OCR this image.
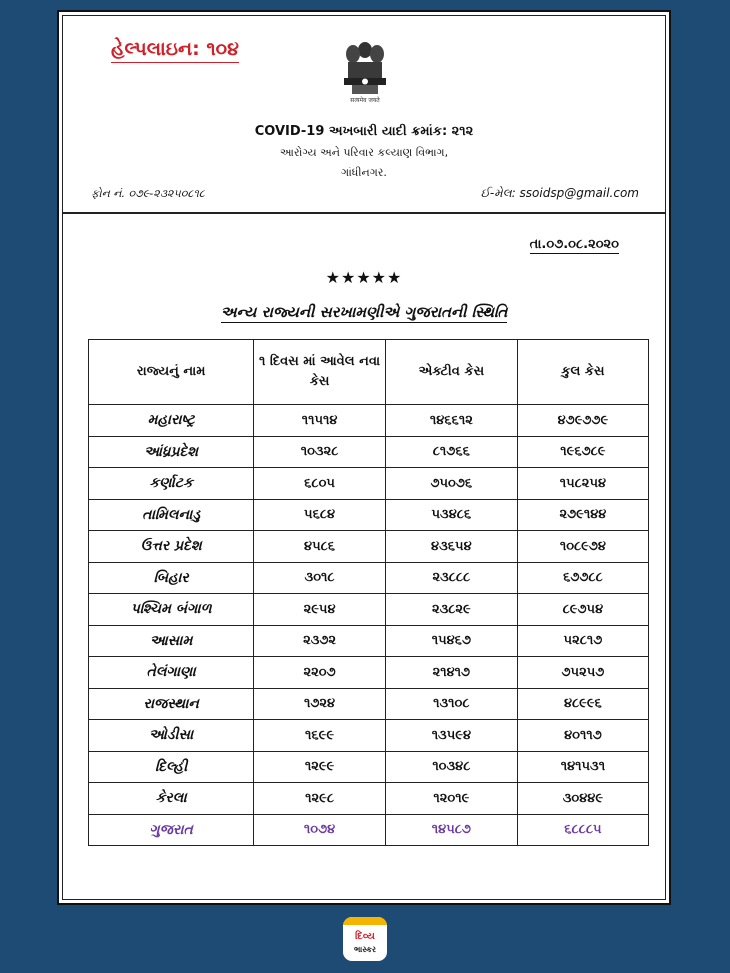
હેલ્પલાઇન: ૧૦૪
सत्यमेव जयते
COVID-19 અખબારી યાદી ક્રમાંક: ૨૧૨
આરોગ્ય અને પરિવાર કલ્યાણ વિભાગ,
ગાંધીનગર.
ફોન નં. ૦૭૯-૨૩૨૫૦૮૧૮	ઈ-મેલ: ssoidsp@gmail.com
તા.૦૭.૦૮.૨૦૨૦
★★★★★
અન્ય રાજ્યની સરખામણીએ ગુજરાતની સ્થિતિ
રાજ્યનું નામ	૧ દિવસ માં આવેલ નવા કેસ	એક્ટીવ કેસ	કુલ કેસ
મહારાષ્ટ્ર	૧૧૫૧૪	૧૪૬૬૧૨	૪૭૯૭૭૯
આંધ્રપ્રદેશ	૧૦૩૨૮	૮૧૭૬૬	૧૯૬૭૮૯
કર્ણાટક	૬૮૦૫	૭૫૦૭૬	૧૫૮૨૫૪
તામિલનાડુ	૫૬૮૪	૫૩૪૮૬	૨૭૯૧૪૪
ઉત્તર પ્રદેશ	૪૫૮૬	૪૩૬૫૪	૧૦૮૯૭૪
બિહાર	૩૦૧૮	૨૩૮૮૮	૬૭૭૮૮
પશ્ચિમ બંગાળ	૨૯૫૪	૨૩૮૨૯	૮૯૭૫૪
આસામ	૨૩૭૨	૧૫૪૬૭	૫૨૮૧૭
તેલંગાણા	૨૨૦૭	૨૧૪૧૭	૭૫૨૫૭
રાજસ્થાન	૧૭૨૪	૧૩૧૦૮	૪૮૯૯૬
ઓડીસા	૧૬૯૯	૧૩૫૯૪	૪૦૧૧૭
દિલ્હી	૧૨૯૯	૧૦૩૪૮	૧૪૧૫૩૧
કેરલા	૧૨૯૮	૧૨૦૧૯	૩૦૪૪૯
ગુજરાત	૧૦૭૪	૧૪૫૮૭	૬૮૮૮૫
દિવ્ય
ભાસ્કર
